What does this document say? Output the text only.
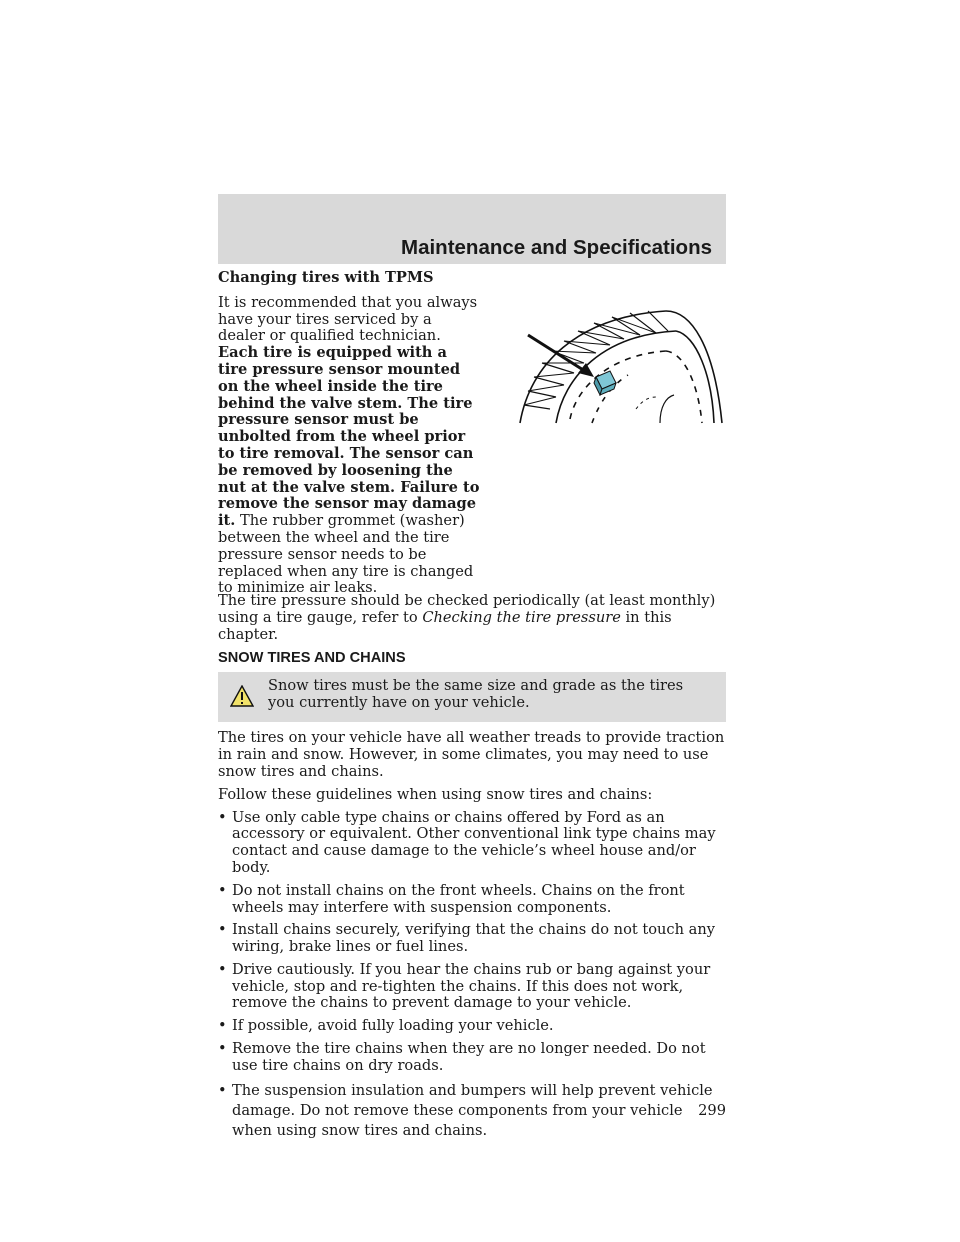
Maintenance and Specifications
Changing tires with TPMS
It is recommended that you always have your tires serviced by a dealer or qualified technician. Each tire is equipped with a tire pressure sensor mounted on the wheel inside the tire behind the valve stem. The tire pressure sensor must be unbolted from the wheel prior to tire removal. The sensor can be removed by loosening the nut at the valve stem. Failure to remove the sensor may damage it. The rubber grommet (washer) between the wheel and the tire pressure sensor needs to be replaced when any tire is changed to minimize air leaks.

The tire pressure should be checked periodically (at least monthly) using a tire gauge, refer to Checking the tire pressure in this chapter.

SNOW TIRES AND CHAINS
Snow tires must be the same size and grade as the tires you currently have on your vehicle.

The tires on your vehicle have all weather treads to provide traction in rain and snow. However, in some climates, you may need to use snow tires and chains.

Follow these guidelines when using snow tires and chains:

• Use only cable type chains or chains offered by Ford as an accessory or equivalent. Other conventional link type chains may contact and cause damage to the vehicle’s wheel house and/or body.
• Do not install chains on the front wheels. Chains on the front wheels may interfere with suspension components.
• Install chains securely, verifying that the chains do not touch any wiring, brake lines or fuel lines.
• Drive cautiously. If you hear the chains rub or bang against your vehicle, stop and re-tighten the chains. If this does not work, remove the chains to prevent damage to your vehicle.
• If possible, avoid fully loading your vehicle.
• Remove the tire chains when they are no longer needed. Do not use tire chains on dry roads.
• The suspension insulation and bumpers will help prevent vehicle damage. Do not remove these components from your vehicle when using snow tires and chains.
299
